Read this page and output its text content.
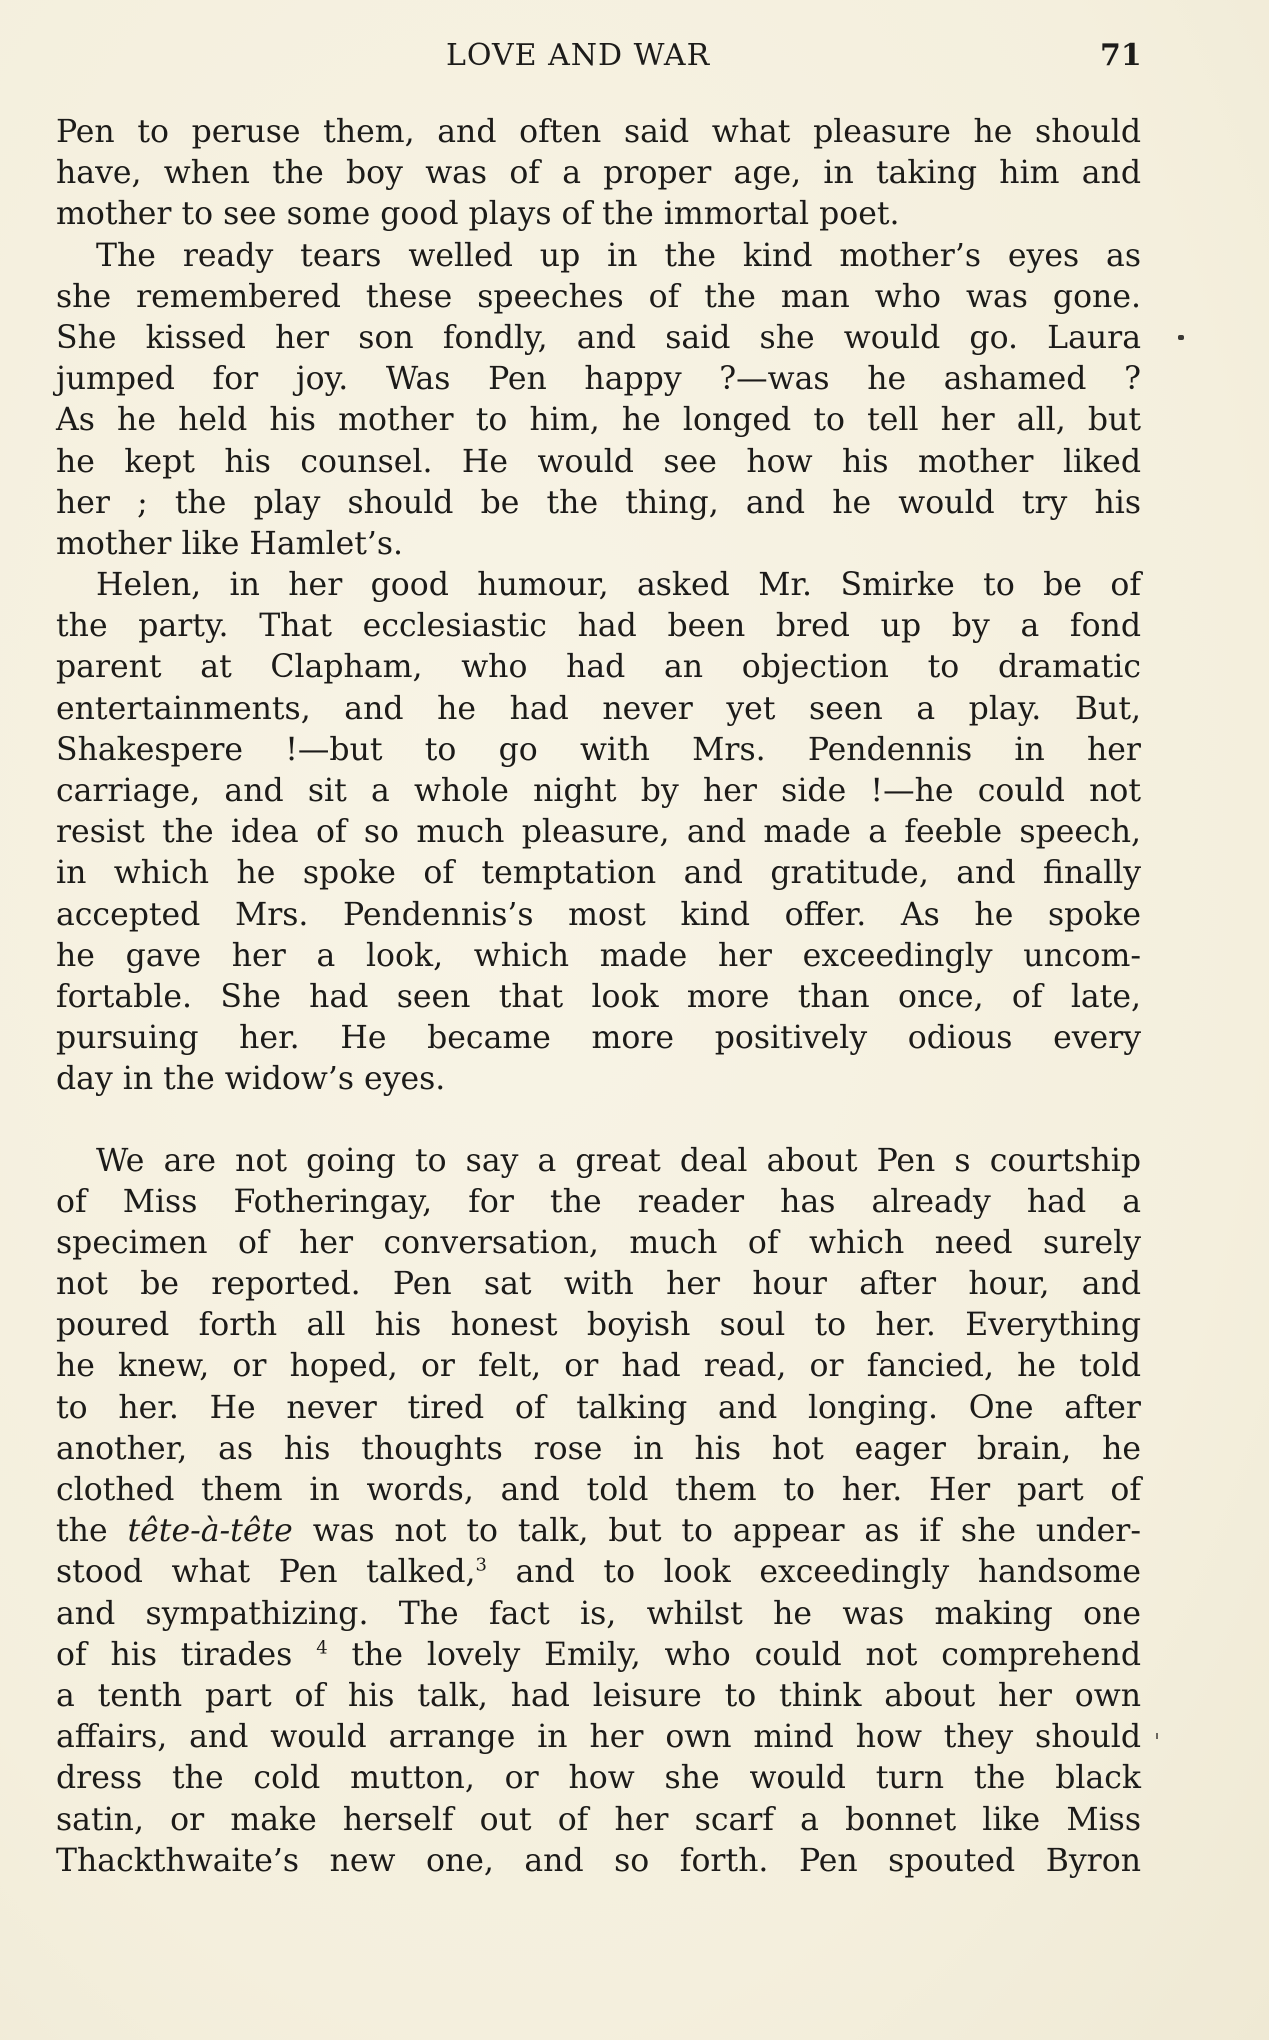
LOVE AND WAR	71
Pen to peruse them, and often said what pleasure he should
have, when the boy was of a proper age, in taking him and
mother to see some good plays of the immortal poet.
The ready tears welled up in the kind mother’s eyes as
she remembered these speeches of the man who was gone.
She kissed her son fondly, and said she would go. Laura
jumped for joy. Was Pen happy ?—was he ashamed ?
As he held his mother to him, he longed to tell her all, but
he kept his counsel. He would see how his mother liked
her ; the play should be the thing, and he would try his
mother like Hamlet’s.
Helen, in her good humour, asked Mr. Smirke to be of
the party. That ecclesiastic had been bred up by a fond
parent at Clapham, who had an objection to dramatic
entertainments, and he had never yet seen a play. But,
Shakespere !—but to go with Mrs. Pendennis in her
carriage, and sit a whole night by her side !—he could not
resist the idea of so much pleasure, and made a feeble speech,
in which he spoke of temptation and gratitude, and finally
accepted Mrs. Pendennis’s most kind offer. As he spoke
he gave her a look, which made her exceedingly uncom-
fortable. She had seen that look more than once, of late,
pursuing her. He became more positively odious every
day in the widow’s eyes.
We are not going to say a great deal about Pen s courtship
of Miss Fotheringay, for the reader has already had a
specimen of her conversation, much of which need surely
not be reported. Pen sat with her hour after hour, and
poured forth all his honest boyish soul to her. Everything
he knew, or hoped, or felt, or had read, or fancied, he told
to her. He never tired of talking and longing. One after
another, as his thoughts rose in his hot eager brain, he
clothed them in words, and told them to her. Her part of
the tête-à-tête was not to talk, but to appear as if she under-
stood what Pen talked,$^3$ and to look exceedingly handsome
and sympathizing. The fact is, whilst he was making one
of his tirades $^4$ the lovely Emily, who could not comprehend
a tenth part of his talk, had leisure to think about her own
affairs, and would arrange in her own mind how they should
dress the cold mutton, or how she would turn the black
satin, or make herself out of her scarf a bonnet like Miss
Thackthwaite’s new one, and so forth. Pen spouted Byron
